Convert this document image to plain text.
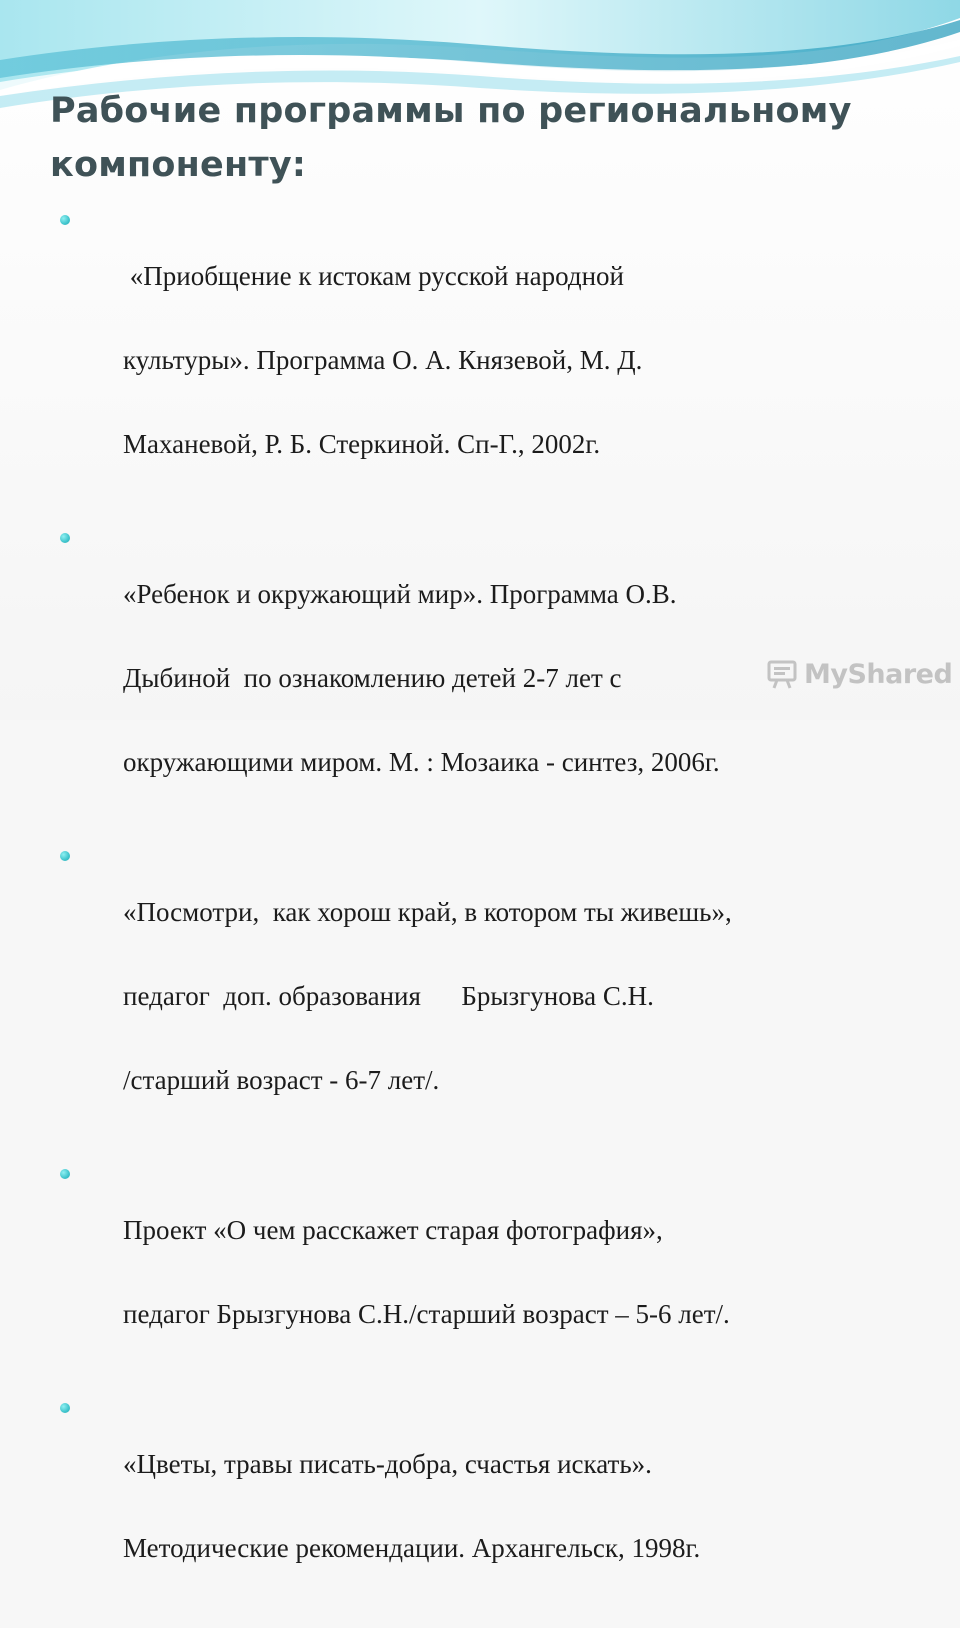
Рабочие программы по региональному
компоненту:

«Приобщение к истокам русской народной

культуры». Программа О. А. Князевой, М. Д.

Маханевой, Р. Б. Стеркиной. Сп-Г., 2002г.

«Ребенок и окружающий мир». Программа О.В.

Дыбиной  по ознакомлению детей 2-7 лет с

окружающими миром. М. : Мозаика - синтез, 2006г.

«Посмотри,  как хорош край, в котором ты живешь»,

педагог  доп. образования      Брызгунова С.Н.

/старший возраст - 6-7 лет/.

Проект «О чем расскажет старая фотография»,

педагог Брызгунова С.Н./старший возраст – 5-6 лет/.

«Цветы, травы писать-добра, счастья искать».

Методические рекомендации. Архангельск, 1998г.

MyShared
